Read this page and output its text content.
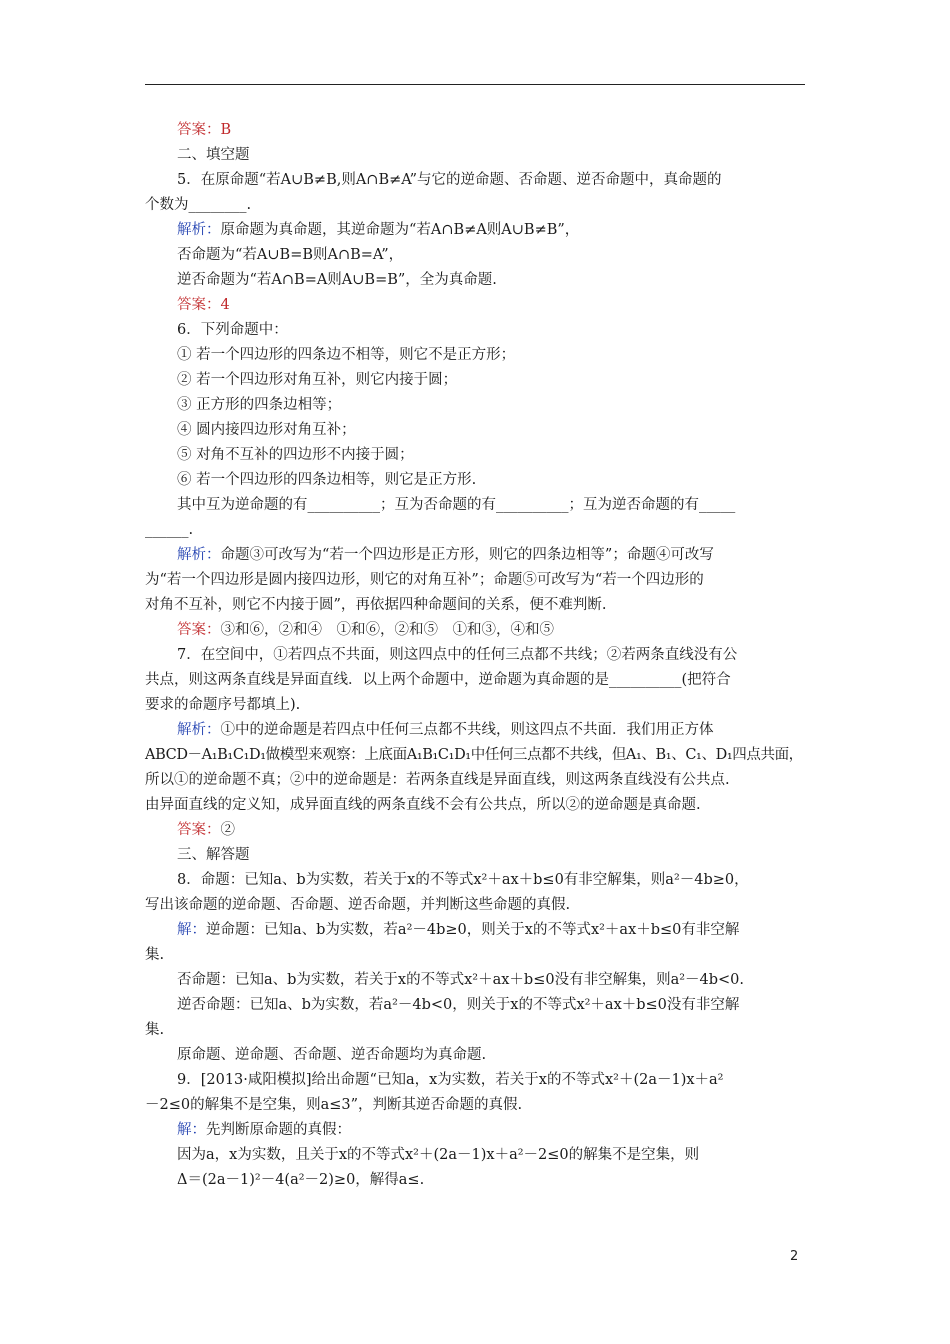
答案：B
二、填空题
5．在原命题“若A∪B≠B,则A∩B≠A”与它的逆命题、否命题、逆否命题中，真命题的
个数为________.
解析：原命题为真命题，其逆命题为“若A∩B≠A则A∪B≠B”，
否命题为“若A∪B=B则A∩B=A”，
逆否命题为“若A∩B=A则A∪B=B”，全为真命题.
答案：4
6．下列命题中：
① 若一个四边形的四条边不相等，则它不是正方形；
② 若一个四边形对角互补，则它内接于圆；
③ 正方形的四条边相等；
④ 圆内接四边形对角互补；
⑤ 对角不互补的四边形不内接于圆；
⑥ 若一个四边形的四条边相等，则它是正方形.
其中互为逆命题的有__________；互为否命题的有__________；互为逆否命题的有_____
______.
解析：命题③可改写为“若一个四边形是正方形，则它的四条边相等”；命题④可改写
为“若一个四边形是圆内接四边形，则它的对角互补”；命题⑤可改写为“若一个四边形的
对角不互补，则它不内接于圆”，再依据四种命题间的关系，便不难判断.
答案：③和⑥，②和④　①和⑥，②和⑤　①和③，④和⑤
7．在空间中，①若四点不共面，则这四点中的任何三点都不共线；②若两条直线没有公
共点，则这两条直线是异面直线．以上两个命题中，逆命题为真命题的是__________(把符合
要求的命题序号都填上).
解析：①中的逆命题是若四点中任何三点都不共线，则这四点不共面．我们用正方体
ABCD－A₁B₁C₁D₁做模型来观察：上底面A₁B₁C₁D₁中任何三点都不共线，但A₁、B₁、C₁、D₁四点共面，
所以①的逆命题不真；②中的逆命题是：若两条直线是异面直线，则这两条直线没有公共点.
由异面直线的定义知，成异面直线的两条直线不会有公共点，所以②的逆命题是真命题.
答案：②
三、解答题
8．命题：已知a、b为实数，若关于x的不等式x²＋ax＋b≤0有非空解集，则a²－4b≥0，
写出该命题的逆命题、否命题、逆否命题，并判断这些命题的真假.
解：逆命题：已知a、b为实数，若a²－4b≥0，则关于x的不等式x²＋ax＋b≤0有非空解
集.
否命题：已知a、b为实数，若关于x的不等式x²＋ax＋b≤0没有非空解集，则a²－4b<0.
逆否命题：已知a、b为实数，若a²－4b<0，则关于x的不等式x²＋ax＋b≤0没有非空解
集.
原命题、逆命题、否命题、逆否命题均为真命题.
9．[2013·咸阳模拟]给出命题“已知a，x为实数，若关于x的不等式x²＋(2a－1)x＋a²
－2≤0的解集不是空集，则a≤3”，判断其逆否命题的真假.
解：先判断原命题的真假：
因为a，x为实数，且关于x的不等式x²＋(2a－1)x＋a²－2≤0的解集不是空集，则
Δ＝(2a－1)²－4(a²－2)≥0，解得a≤.
2
